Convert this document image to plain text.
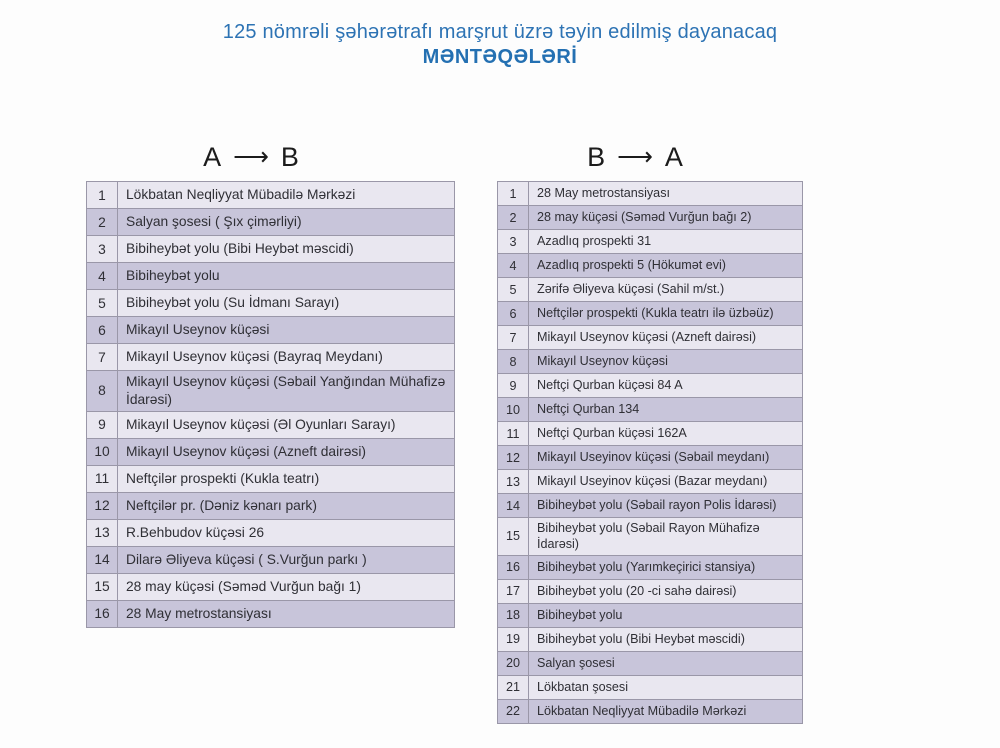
125 nömrəli şəhərətrafı marşrut üzrə təyin edilmiş dayanacaq
MƏNTƏQƏLƏRİ
A ⟶ B	B ⟶ A
1	Lökbatan Neqliyyat Mübadilə Mərkəzi
2	Salyan şosesi ( Şıx çimərliyi)
3	Bibiheybət yolu (Bibi Heybət məscidi)
4	Bibiheybət yolu
5	Bibiheybət yolu (Su İdmanı Sarayı)
6	Mikayıl Useynov küçəsi
7	Mikayıl Useynov küçəsi (Bayraq Meydanı)
8	Mikayıl Useynov küçəsi (Səbail Yanğından Mühafizə İdarəsi)
9	Mikayıl Useynov küçəsi (Əl Oyunları Sarayı)
10	Mikayıl Useynov küçəsi (Azneft dairəsi)
11	Neftçilər prospekti (Kukla teatrı)
12	Neftçilər pr. (Dəniz kənarı park)
13	R.Behbudov küçəsi 26
14	Dilarə Əliyeva küçəsi ( S.Vurğun parkı )
15	28 may küçəsi (Səməd Vurğun bağı 1)
16	28 May metrostansiyası
1	28 May metrostansiyası
2	28 may küçəsi (Səməd Vurğun bağı 2)
3	Azadlıq prospekti 31
4	Azadlıq prospekti 5 (Hökumət evi)
5	Zərifə Əliyeva küçəsi (Sahil m/st.)
6	Neftçilər prospekti (Kukla teatrı ilə üzbəüz)
7	Mikayıl Useynov küçəsi (Azneft dairəsi)
8	Mikayıl Useynov küçəsi
9	Neftçi Qurban küçəsi 84 A
10	Neftçi Qurban 134
11	Neftçi Qurban küçəsi 162A
12	Mikayıl Useyinov küçəsi (Səbail meydanı)
13	Mikayıl Useyinov küçəsi (Bazar meydanı)
14	Bibiheybət yolu (Səbail rayon Polis İdarəsi)
15	Bibiheybət yolu (Səbail Rayon Mühafizə İdarəsi)
16	Bibiheybət yolu (Yarımkeçirici stansiya)
17	Bibiheybət yolu (20 -ci sahə dairəsi)
18	Bibiheybət yolu
19	Bibiheybət yolu (Bibi Heybət məscidi)
20	Salyan şosesi
21	Lökbatan şosesi
22	Lökbatan Neqliyyat Mübadilə Mərkəzi
